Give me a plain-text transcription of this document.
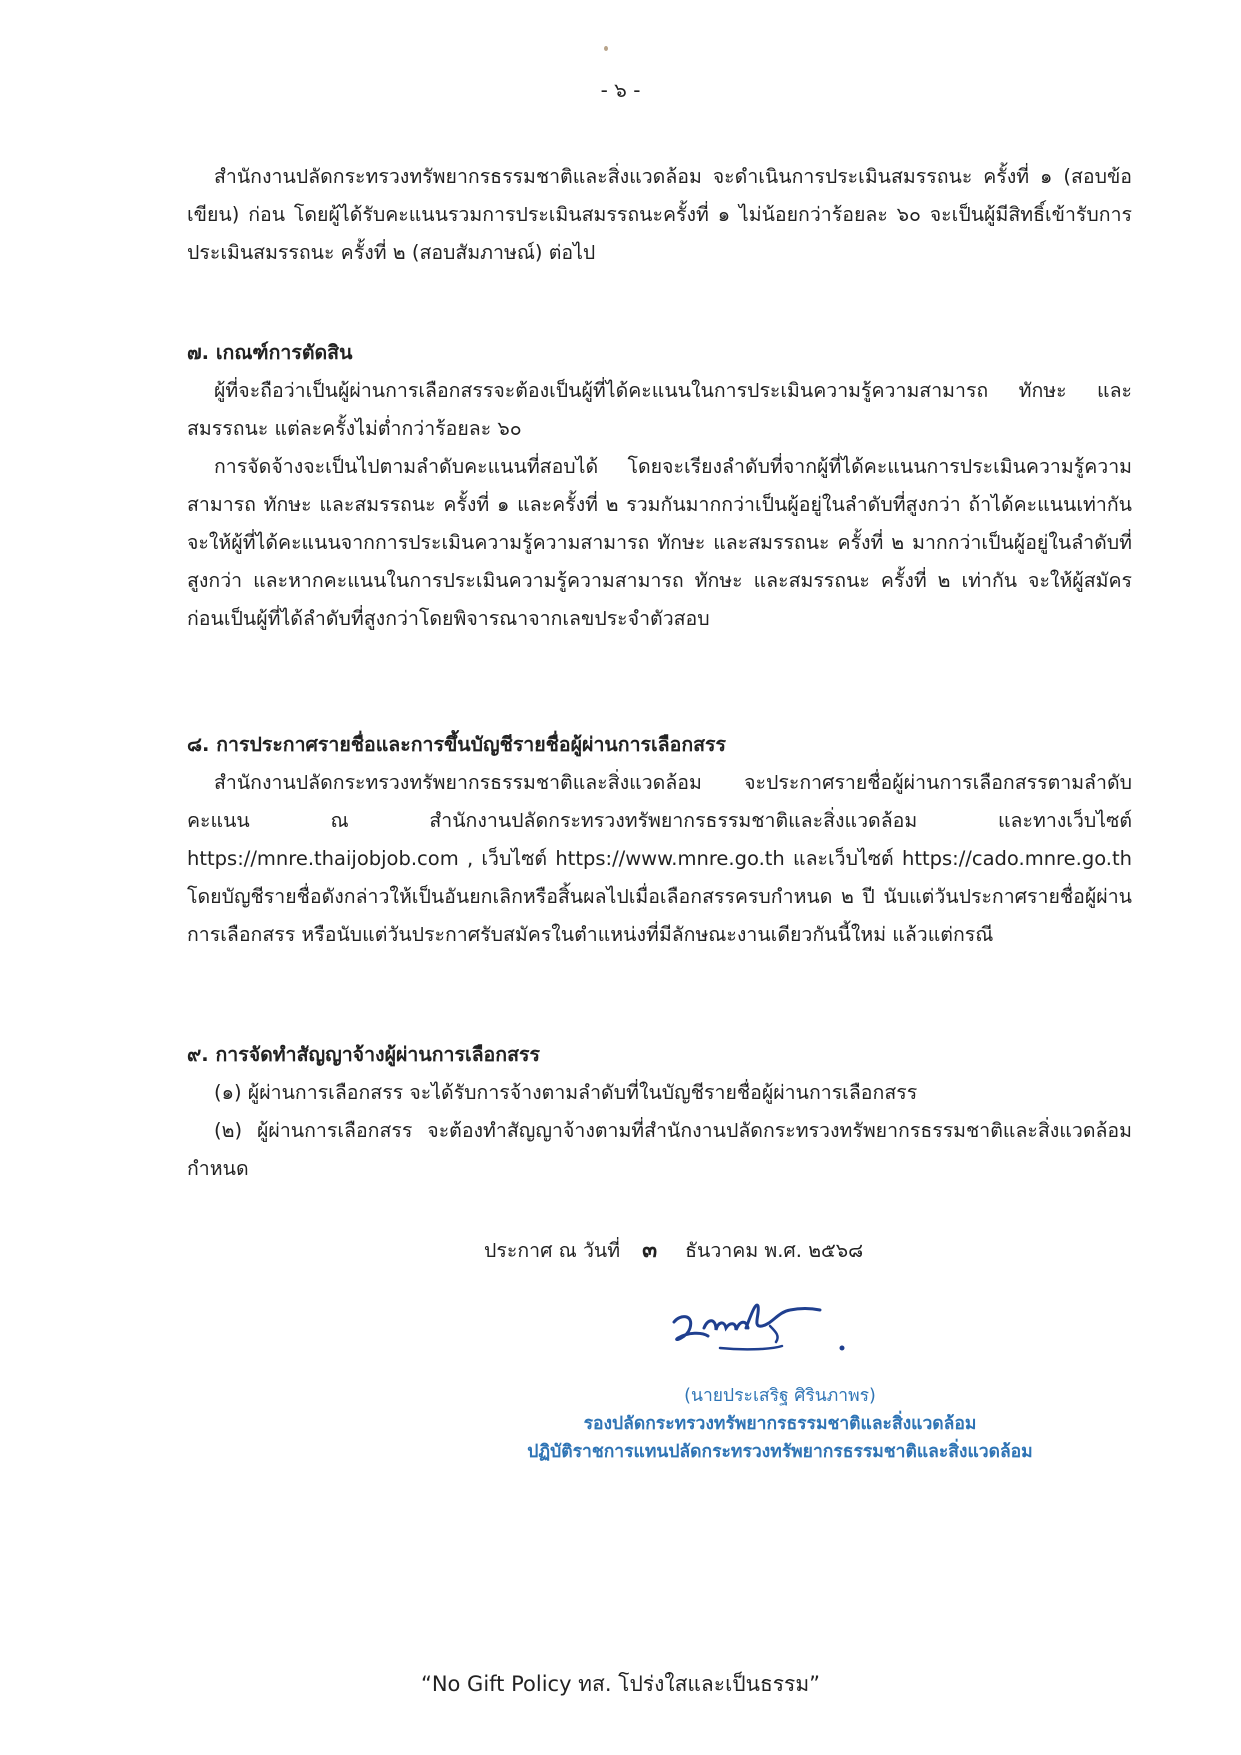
- ๖ -

สำนักงานปลัดกระทรวงทรัพยากรธรรมชาติและสิ่งแวดล้อม จะดำเนินการประเมินสมรรถนะ ครั้งที่ ๑ (สอบข้อเขียน) ก่อน โดยผู้ได้รับคะแนนรวมการประเมินสมรรถนะครั้งที่ ๑ ไม่น้อยกว่าร้อยละ ๖๐ จะเป็นผู้มีสิทธิ์เข้ารับการประเมินสมรรถนะ ครั้งที่ ๒ (สอบสัมภาษณ์) ต่อไป

๗. เกณฑ์การตัดสิน

ผู้ที่จะถือว่าเป็นผู้ผ่านการเลือกสรรจะต้องเป็นผู้ที่ได้คะแนนในการประเมินความรู้ความสามารถ ทักษะ และสมรรถนะ แต่ละครั้งไม่ต่ำกว่าร้อยละ ๖๐

การจัดจ้างจะเป็นไปตามลำดับคะแนนที่สอบได้ โดยจะเรียงลำดับที่จากผู้ที่ได้คะแนนการประเมินความรู้ความสามารถ ทักษะ และสมรรถนะ ครั้งที่ ๑ และครั้งที่ ๒ รวมกันมากกว่าเป็นผู้อยู่ในลำดับที่สูงกว่า ถ้าได้คะแนนเท่ากัน จะให้ผู้ที่ได้คะแนนจากการประเมินความรู้ความสามารถ ทักษะ และสมรรถนะ ครั้งที่ ๒ มากกว่าเป็นผู้อยู่ในลำดับที่สูงกว่า และหากคะแนนในการประเมินความรู้ความสามารถ ทักษะ และสมรรถนะ ครั้งที่ ๒ เท่ากัน จะให้ผู้สมัครก่อนเป็นผู้ที่ได้ลำดับที่สูงกว่าโดยพิจารณาจากเลขประจำตัวสอบ

๘. การประกาศรายชื่อและการขึ้นบัญชีรายชื่อผู้ผ่านการเลือกสรร

สำนักงานปลัดกระทรวงทรัพยากรธรรมชาติและสิ่งแวดล้อม จะประกาศรายชื่อผู้ผ่านการเลือกสรรตามลำดับคะแนน ณ สำนักงานปลัดกระทรวงทรัพยากรธรรมชาติและสิ่งแวดล้อม และทางเว็บไซต์ https://mnre.thaijobjob.com , เว็บไซต์ https://www.mnre.go.th และเว็บไซต์ https://cado.mnre.go.th โดยบัญชีรายชื่อดังกล่าวให้เป็นอันยกเลิกหรือสิ้นผลไปเมื่อเลือกสรรครบกำหนด ๒ ปี นับแต่วันประกาศรายชื่อผู้ผ่านการเลือกสรร หรือนับแต่วันประกาศรับสมัครในตำแหน่งที่มีลักษณะงานเดียวกันนี้ใหม่ แล้วแต่กรณี

๙. การจัดทำสัญญาจ้างผู้ผ่านการเลือกสรร

(๑) ผู้ผ่านการเลือกสรร จะได้รับการจ้างตามลำดับที่ในบัญชีรายชื่อผู้ผ่านการเลือกสรร

(๒) ผู้ผ่านการเลือกสรร จะต้องทำสัญญาจ้างตามที่สำนักงานปลัดกระทรวงทรัพยากรธรรมชาติและสิ่งแวดล้อมกำหนด

ประกาศ ณ วันที่ ๓ ธันวาคม พ.ศ. ๒๕๖๘
(นายประเสริฐ ศิรินภาพร)
รองปลัดกระทรวงทรัพยากรธรรมชาติและสิ่งแวดล้อม
ปฏิบัติราชการแทนปลัดกระทรวงทรัพยากรธรรมชาติและสิ่งแวดล้อม
“No Gift Policy ทส. โปร่งใสและเป็นธรรม”
